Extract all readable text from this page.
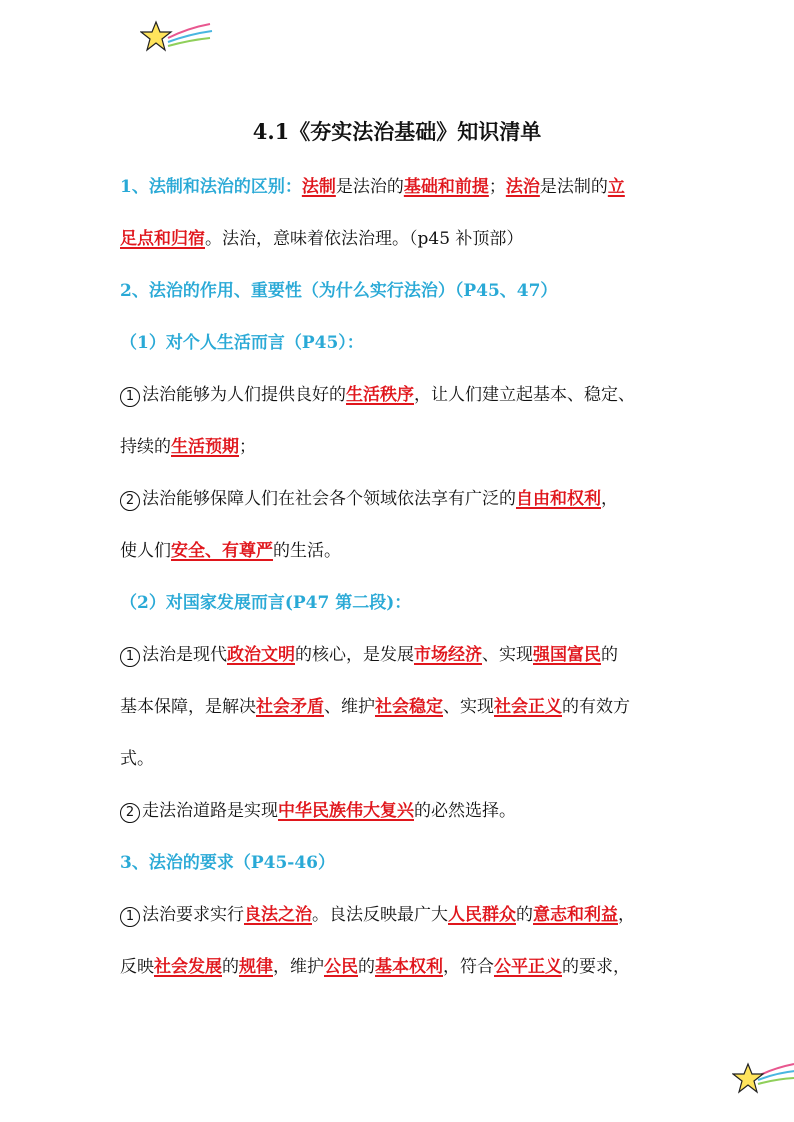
4.1《夯实法治基础》知识清单
1、法制和法治的区别：法制是法治的基础和前提；法治是法制的立
足点和归宿。法治，意味着依法治理。（p45 补顶部）
2、法治的作用、重要性（为什么实行法治）（P45、47）
（1）对个人生活而言（P45）：
1 法治能够为人们提供良好的生活秩序，让人们建立起基本、稳定、
持续的生活预期；
2 法治能够保障人们在社会各个领域依法享有广泛的自由和权利，
使人们安全、有尊严的生活。
（2）对国家发展而言(P47 第二段)：
1 法治是现代政治文明的核心，是发展市场经济、实现强国富民的
基本保障，是解决社会矛盾、维护社会稳定、实现社会正义的有效方
式。
2 走法治道路是实现中华民族伟大复兴的必然选择。
3、法治的要求（P45-46）
1 法治要求实行良法之治。良法反映最广大人民群众的意志和利益，
反映社会发展的规律，维护公民的基本权利，符合公平正义的要求，
